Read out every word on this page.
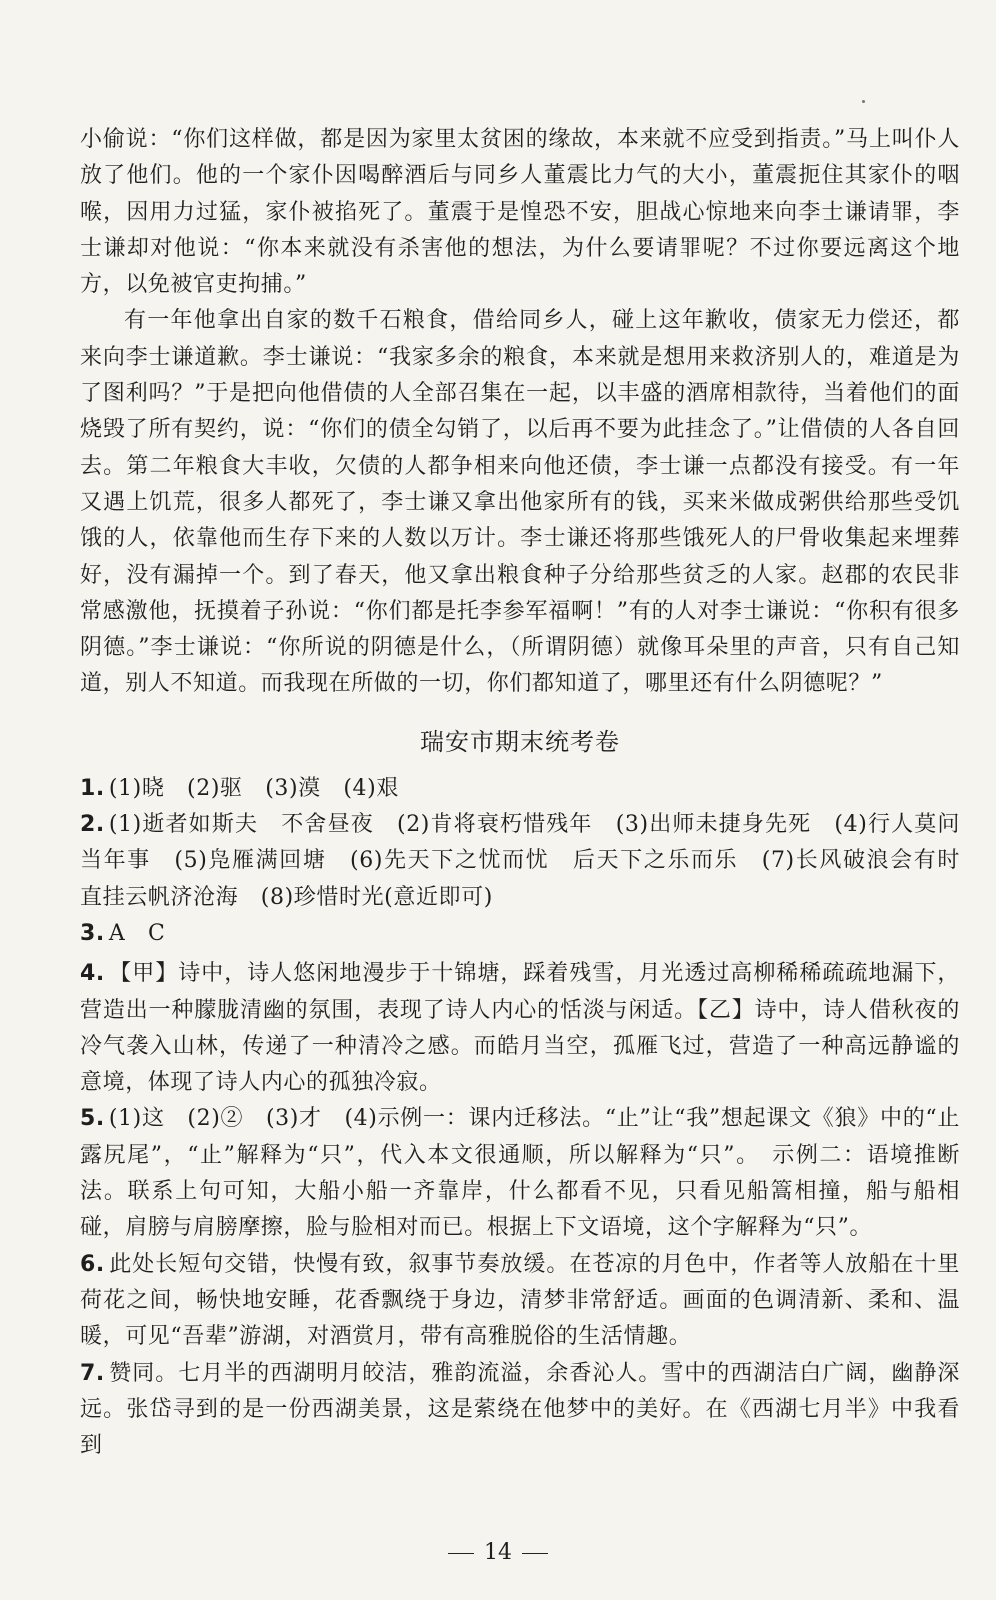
小偷说：“你们这样做，都是因为家里太贫困的缘故，本来就不应受到指责。”马上叫仆人放了他们。他的一个家仆因喝醉酒后与同乡人董震比力气的大小，董震扼住其家仆的咽喉，因用力过猛，家仆被掐死了。董震于是惶恐不安，胆战心惊地来向李士谦请罪，李士谦却对他说：“你本来就没有杀害他的想法，为什么要请罪呢？不过你要远离这个地方，以免被官吏拘捕。”

有一年他拿出自家的数千石粮食，借给同乡人，碰上这年歉收，债家无力偿还，都来向李士谦道歉。李士谦说：“我家多余的粮食，本来就是想用来救济别人的，难道是为了图利吗？”于是把向他借债的人全部召集在一起，以丰盛的酒席相款待，当着他们的面烧毁了所有契约，说：“你们的债全勾销了，以后再不要为此挂念了。”让借债的人各自回去。第二年粮食大丰收，欠债的人都争相来向他还债，李士谦一点都没有接受。有一年又遇上饥荒，很多人都死了，李士谦又拿出他家所有的钱，买来米做成粥供给那些受饥饿的人，依靠他而生存下来的人数以万计。李士谦还将那些饿死人的尸骨收集起来埋葬好，没有漏掉一个。到了春天，他又拿出粮食种子分给那些贫乏的人家。赵郡的农民非常感激他，抚摸着子孙说：“你们都是托李参军福啊！”有的人对李士谦说：“你积有很多阴德。”李士谦说：“你所说的阴德是什么，（所谓阴德）就像耳朵里的声音，只有自己知道，别人不知道。而我现在所做的一切，你们都知道了，哪里还有什么阴德呢？”

瑞安市期末统考卷

1. (1)晓　(2)驱　(3)漠　(4)艰

2. (1)逝者如斯夫　不舍昼夜　(2)肯将衰朽惜残年　(3)出师未捷身先死　(4)行人莫问当年事　(5)凫雁满回塘　(6)先天下之忧而忧　后天下之乐而乐　(7)长风破浪会有时　直挂云帆济沧海　(8)珍惜时光(意近即可)

3. A　C

4. 【甲】诗中，诗人悠闲地漫步于十锦塘，踩着残雪，月光透过高柳稀稀疏疏地漏下，营造出一种朦胧清幽的氛围，表现了诗人内心的恬淡与闲适。【乙】诗中，诗人借秋夜的冷气袭入山林，传递了一种清冷之感。而皓月当空，孤雁飞过，营造了一种高远静谧的意境，体现了诗人内心的孤独冷寂。

5. (1)这　(2)②　(3)才　(4)示例一：课内迁移法。“止”让“我”想起课文《狼》中的“止露尻尾”，“止”解释为“只”，代入本文很通顺，所以解释为“只”。　示例二：语境推断法。联系上句可知，大船小船一齐靠岸，什么都看不见，只看见船篙相撞，船与船相碰，肩膀与肩膀摩擦，脸与脸相对而已。根据上下文语境，这个字解释为“只”。

6. 此处长短句交错，快慢有致，叙事节奏放缓。在苍凉的月色中，作者等人放船在十里荷花之间，畅快地安睡，花香飘绕于身边，清梦非常舒适。画面的色调清新、柔和、温暖，可见“吾辈”游湖，对酒赏月，带有高雅脱俗的生活情趣。

7. 赞同。七月半的西湖明月皎洁，雅韵流溢，余香沁人。雪中的西湖洁白广阔，幽静深远。张岱寻到的是一份西湖美景，这是萦绕在他梦中的美好。在《西湖七月半》中我看到

14
